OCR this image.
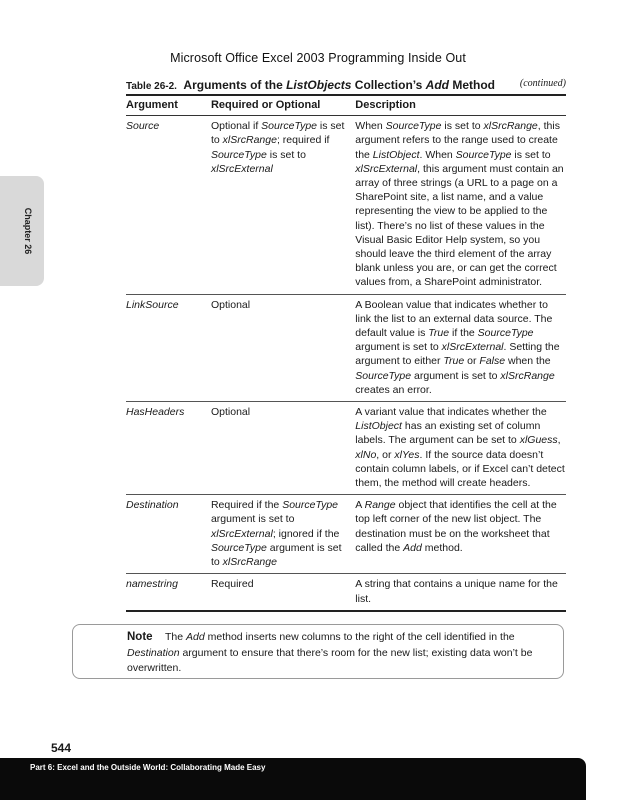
Microsoft Office Excel 2003 Programming Inside Out
Chapter 26
Table 26-2. Arguments of the ListObjects Collection’s Add Method (continued)
Argument	Required or Optional	Description
Source	Optional if SourceType is set to xlSrcRange; required if SourceType is set to xlSrcExternal	When SourceType is set to xlSrcRange, this argument refers to the range used to create the ListObject. When SourceType is set to xlSrcExternal, this argument must contain an array of three strings (a URL to a page on a SharePoint site, a list name, and a value representing the view to be applied to the list). There’s no list of these values in the Visual Basic Editor Help system, so you should leave the third element of the array blank unless you are, or can get the correct values from, a SharePoint administrator.
LinkSource	Optional	A Boolean value that indicates whether to link the list to an external data source. The default value is True if the SourceType argument is set to xlSrcExternal. Setting the argument to either True or False when the SourceType argument is set to xlSrcRange creates an error.
HasHeaders	Optional	A variant value that indicates whether the ListObject has an existing set of column labels. The argument can be set to xlGuess, xlNo, or xlYes. If the source data doesn’t contain column labels, or if Excel can’t detect them, the method will create headers.
Destination	Required if the SourceType argument is set to xlSrcExternal; ignored if the SourceType argument is set to xlSrcRange	A Range object that identifies the cell at the top left corner of the new list object. The destination must be on the worksheet that called the Add method.
namestring	Required	A string that contains a unique name for the list.
Note	The Add method inserts new columns to the right of the cell identified in the Destination argument to ensure that there’s room for the new list; existing data won’t be overwritten.
544
Part 6: Excel and the Outside World: Collaborating Made Easy
